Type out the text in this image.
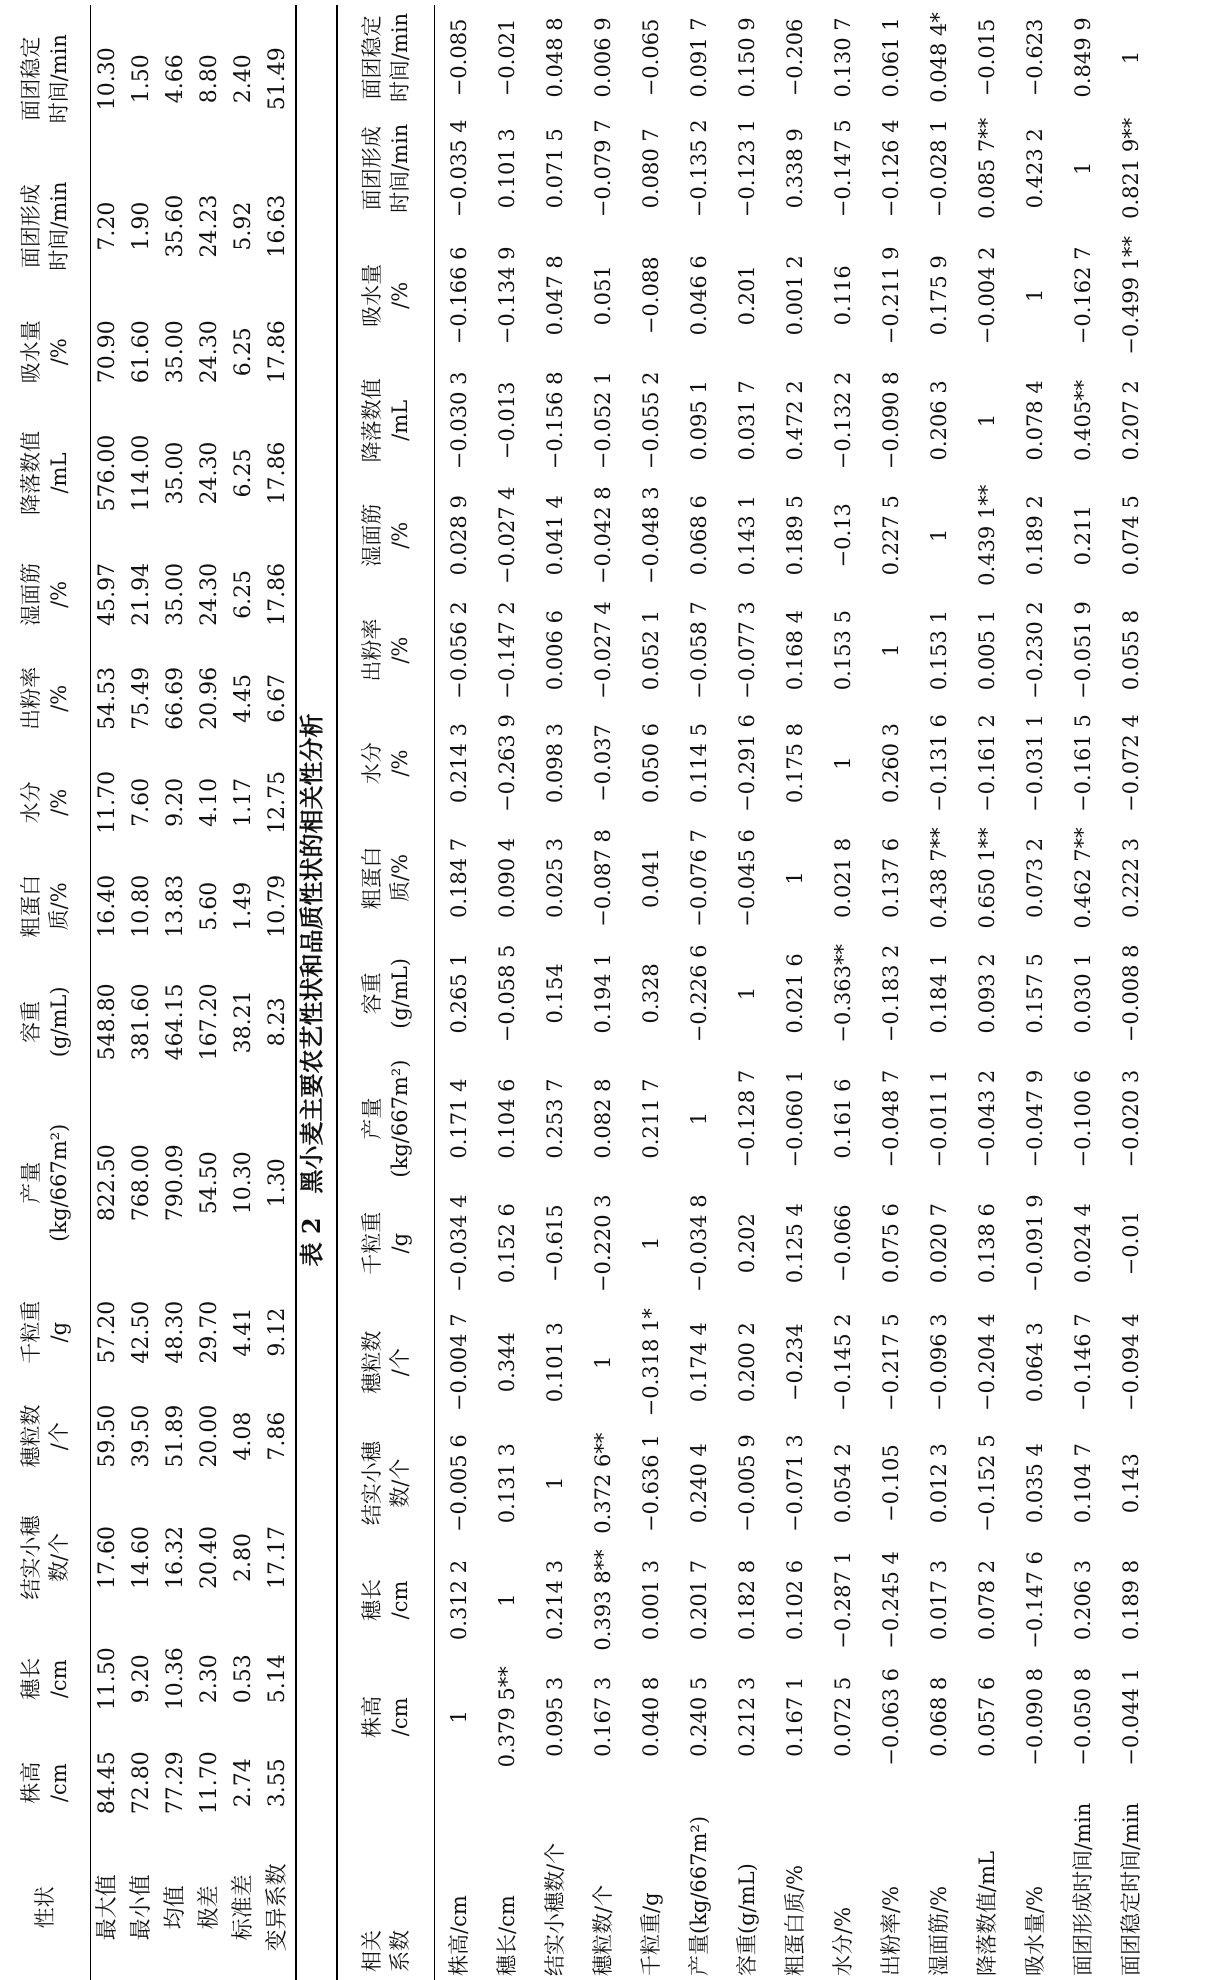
性状	株高 /cm	穗长 /cm	结实小穗 数/个	穗粒数 /个	千粒重 /g	产量 (kg/667m²)	容重 (g/mL)	粗蛋白 质/%	水分 /%	出粉率 /%	湿面筋 /%	降落数值 /mL	吸水量 /%	面团形成 时间/min	面团稳定 时间/min
最大值	84.45	11.50	17.60	59.50	57.20	822.50	548.80	16.40	11.70	54.53	45.97	576.00	70.90	7.20	10.30
最小值	72.80	9.20	14.60	39.50	42.50	768.00	381.60	10.80	7.60	75.49	21.94	114.00	61.60	1.90	1.50
均值	77.29	10.36	16.32	51.89	48.30	790.09	464.15	13.83	9.20	66.69	35.00	35.00	35.00	35.60	4.66
极差	11.70	2.30	20.40	20.00	29.70	54.50	167.20	5.60	4.10	20.96	24.30	24.30	24.30	24.23	8.80
标准差	2.74	0.53	2.80	4.08	4.41	10.30	38.21	1.49	1.17	4.45	6.25	6.25	6.25	5.92	2.40
变异系数	3.55	5.14	17.17	7.86	9.12	1.30	8.23	10.79	12.75	6.67	17.86	17.86	17.86	16.63	51.49
表 2　黑小麦主要农艺性状和品质性状的相关性分析
相关 系数	株高 /cm	穗长 /cm	结实小穗 数/个	穗粒数 /个	千粒重 /g	产量 (kg/667m²)	容重 (g/mL)	粗蛋白 质/%	水分 /%	出粉率 /%	湿面筋 /%	降落数值 /mL	吸水量 /%	面团形成 时间/min	面团稳定 时间/min
株高/cm	1	0.312 2	−0.005 6	−0.004 7	−0.034 4	0.171 4	0.265 1	0.184 7	0.214 3	−0.056 2	0.028 9	−0.030 3	−0.166 6	−0.035 4	−0.085
穗长/cm	0.379 5**	1	0.131 3	0.344	0.152 6	0.104 6	−0.058 5	0.090 4	−0.263 9	−0.147 2	−0.027 4	−0.013	−0.134 9	0.101 3	−0.021
结实小穗数/个	0.095 3	0.214 3	1	0.101 3	−0.615	0.253 7	0.154	0.025 3	0.098 3	0.006 6	0.041 4	−0.156 8	0.047 8	0.071 5	0.048 8
穗粒数/个	0.167 3	0.393 8**	0.372 6**	1	−0.220 3	0.082 8	0.194 1	−0.087 8	−0.037	−0.027 4	−0.042 8	−0.052 1	0.051	−0.079 7	0.006 9
千粒重/g	0.040 8	0.001 3	−0.636 1	−0.318 1*	1	0.211 7	0.328	0.041	0.050 6	0.052 1	−0.048 3	−0.055 2	−0.088	0.080 7	−0.065
产量(kg/667m²)	0.240 5	0.201 7	0.240 4	0.174 4	−0.034 8	1	−0.226 6	−0.076 7	0.114 5	−0.058 7	0.068 6	0.095 1	0.046 6	−0.135 2	0.091 7
容重(g/mL)	0.212 3	0.182 8	−0.005 9	0.200 2	0.202	−0.128 7	1	−0.045 6	−0.291 6	−0.077 3	0.143 1	0.031 7	0.201	−0.123 1	0.150 9
粗蛋白质/%	0.167 1	0.102 6	−0.071 3	−0.234	0.125 4	−0.060 1	0.021 6	1	0.175 8	0.168 4	0.189 5	0.472 2	0.001 2	0.338 9	−0.206
水分/%	0.072 5	−0.287 1	0.054 2	−0.145 2	−0.066	0.161 6	−0.363**	0.021 8	1	0.153 5	−0.13	−0.132 2	0.116	−0.147 5	0.130 7
出粉率/%	−0.063 6	−0.245 4	−0.105	−0.217 5	0.075 6	−0.048 7	−0.183 2	0.137 6	0.260 3	1	0.227 5	−0.090 8	−0.211 9	−0.126 4	0.061 1
湿面筋/%	0.068 8	0.017 3	0.012 3	−0.096 3	0.020 7	−0.011 1	0.184 1	0.438 7**	−0.131 6	0.153 1	1	0.206 3	0.175 9	−0.028 1	0.048 4*
降落数值/mL	0.057 6	0.078 2	−0.152 5	−0.204 4	0.138 6	−0.043 2	0.093 2	0.650 1**	−0.161 2	0.005 1	0.439 1**	1	−0.004 2	0.085 7**	−0.015
吸水量/%	−0.090 8	−0.147 6	0.035 4	0.064 3	−0.091 9	−0.047 9	0.157 5	0.073 2	−0.031 1	−0.230 2	0.189 2	0.078 4	1	0.423 2	−0.623
面团形成时间/min	−0.050 8	0.206 3	0.104 7	−0.146 7	0.024 4	−0.100 6	0.030 1	0.462 7**	−0.161 5	−0.051 9	0.211	0.405**	−0.162 7	1	0.849 9
面团稳定时间/min	−0.044 1	0.189 8	0.143	−0.094 4	−0.01	−0.020 3	−0.008 8	0.222 3	−0.072 4	0.055 8	0.074 5	0.207 2	−0.499 1**	0.821 9**	1
